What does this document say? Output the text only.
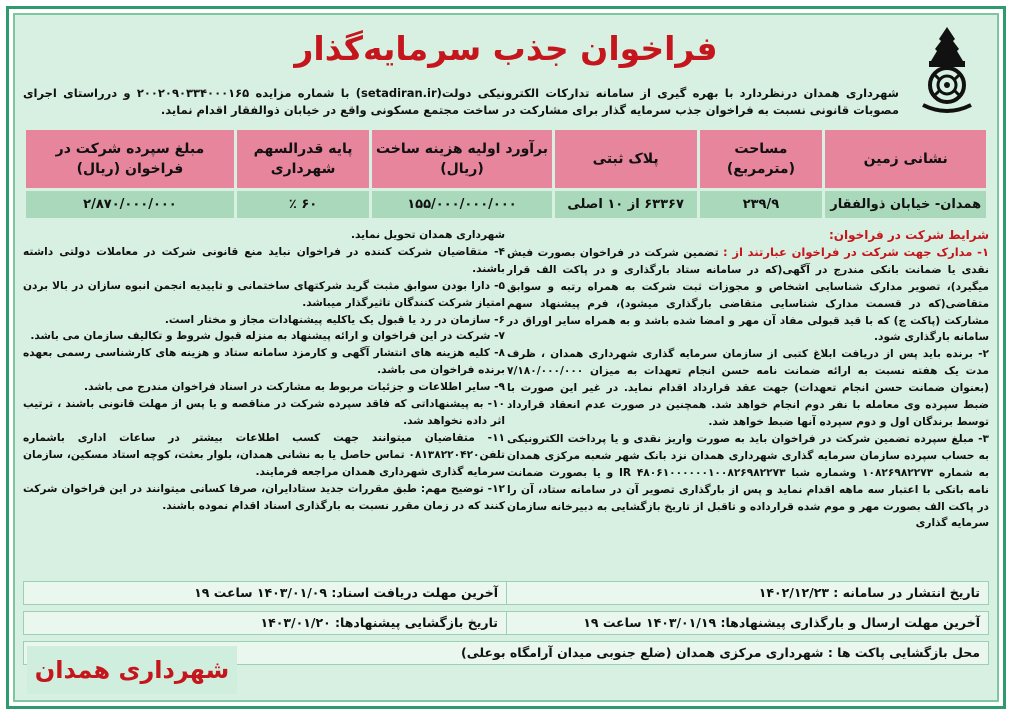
فراخوان جذب سرمایه‌گذار
شهرداری همدان درنظردارد با بهره گیری از سامانه تدارکات الکترونیکی دولت(setadiran.ir) با شماره مزایده ۲۰۰۲۰۹۰۳۳۴۰۰۰۱۶۵ و درراستای اجرای مصوبات قانونی نسبت به فراخوان جذب سرمایه گذار برای مشارکت در ساخت مجتمع مسکونی واقع در خیابان ذوالفقار اقدام نماید.
نشانی زمین	مساحت (مترمربع)	پلاک ثبتی	برآورد اولیه هزینه ساخت (ریال)	پایه قدرالسهم شهرداری	مبلغ سپرده شرکت در فراخوان (ریال)
همدان- خیابان ذوالفقار	۲۳۹/۹	۶۳۳۶۷ از ۱۰ اصلی	۱۵۵/۰۰۰/۰۰۰/۰۰۰	۶۰ ٪	۲/۸۷۰/۰۰۰/۰۰۰

شرایط شرکت در فراخوان:

۱- مدارک جهت شرکت در فراخوان عبارتند از : تضمین شرکت در فراخوان بصورت فیش نقدی یا ضمانت بانکی مندرج در آگهی(که در سامانه ستاد بارگذاری و در پاکت الف قرار میگیرد)، تصویر مدارک شناسایی اشخاص و مجوزات ثبت شرکت به همراه رتبه و سوابق متقاضی(که در قسمت مدارک شناسایی متقاضی بارگذاری میشود)، فرم پیشنهاد سهم مشارکت (پاکت ج) که با قید قبولی مفاد آن مهر و امضا شده باشد و به همراه سایر اوراق در سامانه بارگذاری شود.

۲- برنده باید پس از دریافت ابلاغ کتبی از سازمان سرمایه گذاری شهرداری همدان ، ظرف مدت یک هفته نسبت به ارائه ضمانت نامه حسن انجام تعهدات به میزان ۷/۱۸۰/۰۰۰/۰۰۰ (بعنوان ضمانت حسن انجام تعهدات) جهت عقد قرارداد اقدام نماید. در غیر این صورت با ضبط سپرده وی معامله با نفر دوم انجام خواهد شد. همچنین در صورت عدم انعقاد قرارداد توسط برندگان اول و دوم سپرده آنها ضبط خواهد شد.

۳- مبلغ سپرده تضمین شرکت در فراخوان باید به صورت واریز نقدی و یا پرداخت الکترونیکی به حساب سپرده سازمان سرمایه گذاری شهرداری همدان نزد بانک شهر شعبه مرکزی همدان به شماره ۱۰۸۲۶۹۸۲۲۷۳ وشماره شبا IR ۴۸۰۶۱۰۰۰۰۰۰۱۰۰۸۲۶۹۸۲۲۷۳ و یا بصورت ضمانت نامه بانکی با اعتبار سه ماهه اقدام نماید و پس از بارگذاری تصویر آن در سامانه ستاد، آن را در پاکت الف بصورت مهر و موم شده قرارداده و تاقبل از تاریخ بازگشایی به دبیرخانه سازمان سرمایه گذاری

شهرداری همدان تحویل نماید.

۴- متقاضیان شرکت کننده در فراخوان نباید منع قانونی شرکت در معاملات دولتی داشته باشند.

۵- دارا بودن سوابق مثبت گرید شرکتهای ساختمانی و تاییدیه انجمن انبوه سازان در بالا بردن امتیاز شرکت کنندگان تاثیرگذار میباشد.

۶- سازمان در رد یا قبول یک یاکلیه پیشنهادات مجاز و مختار است.

۷- شرکت در این فراخوان و ارائه پیشنهاد به منزله قبول شروط و تکالیف سازمان می باشد.

۸- کلیه هزینه های انتشار آگهی و کارمزد سامانه ستاد و هزینه های کارشناسی رسمی بعهده برنده فراخوان می باشد.

۹- سایر اطلاعات و جزئیات مربوط به مشارکت در اسناد فراخوان مندرج می باشد.

۱۰- به پیشنهاداتی که فاقد سپرده شرکت در مناقصه و یا پس از مهلت قانونی باشند ، ترتیب اثر داده نخواهد شد.

۱۱- متقاضیان میتوانند جهت کسب اطلاعات بیشتر در ساعات اداری باشماره تلفن۰۸۱۳۸۲۲۰۴۲۰ تماس حاصل یا به نشانی همدان، بلوار بعثت، کوچه استاد مسکین، سازمان سرمایه گذاری شهرداری همدان مراجعه فرمایند.

۱۲- توضیح مهم: طبق مقررات جدید ستادایران، صرفا کسانی میتوانند در این فراخوان شرکت کنند که در زمان مقرر نسبت به بارگذاری اسناد اقدام نموده باشند.

تاریخ انتشار در سامانه : ۱۴۰۲/۱۲/۲۳
آخرین مهلت دریافت اسناد: ۱۴۰۳/۰۱/۰۹ ساعت ۱۹
آخرین مهلت ارسال و بارگذاری پیشنهادها: ۱۴۰۳/۰۱/۱۹ ساعت ۱۹
تاریخ بازگشایی پیشنهادها: ۱۴۰۳/۰۱/۲۰
محل بازگشایی پاکت ها : شهرداری مرکزی همدان (ضلع جنوبی میدان آرامگاه بوعلی)
شهرداری همدان
